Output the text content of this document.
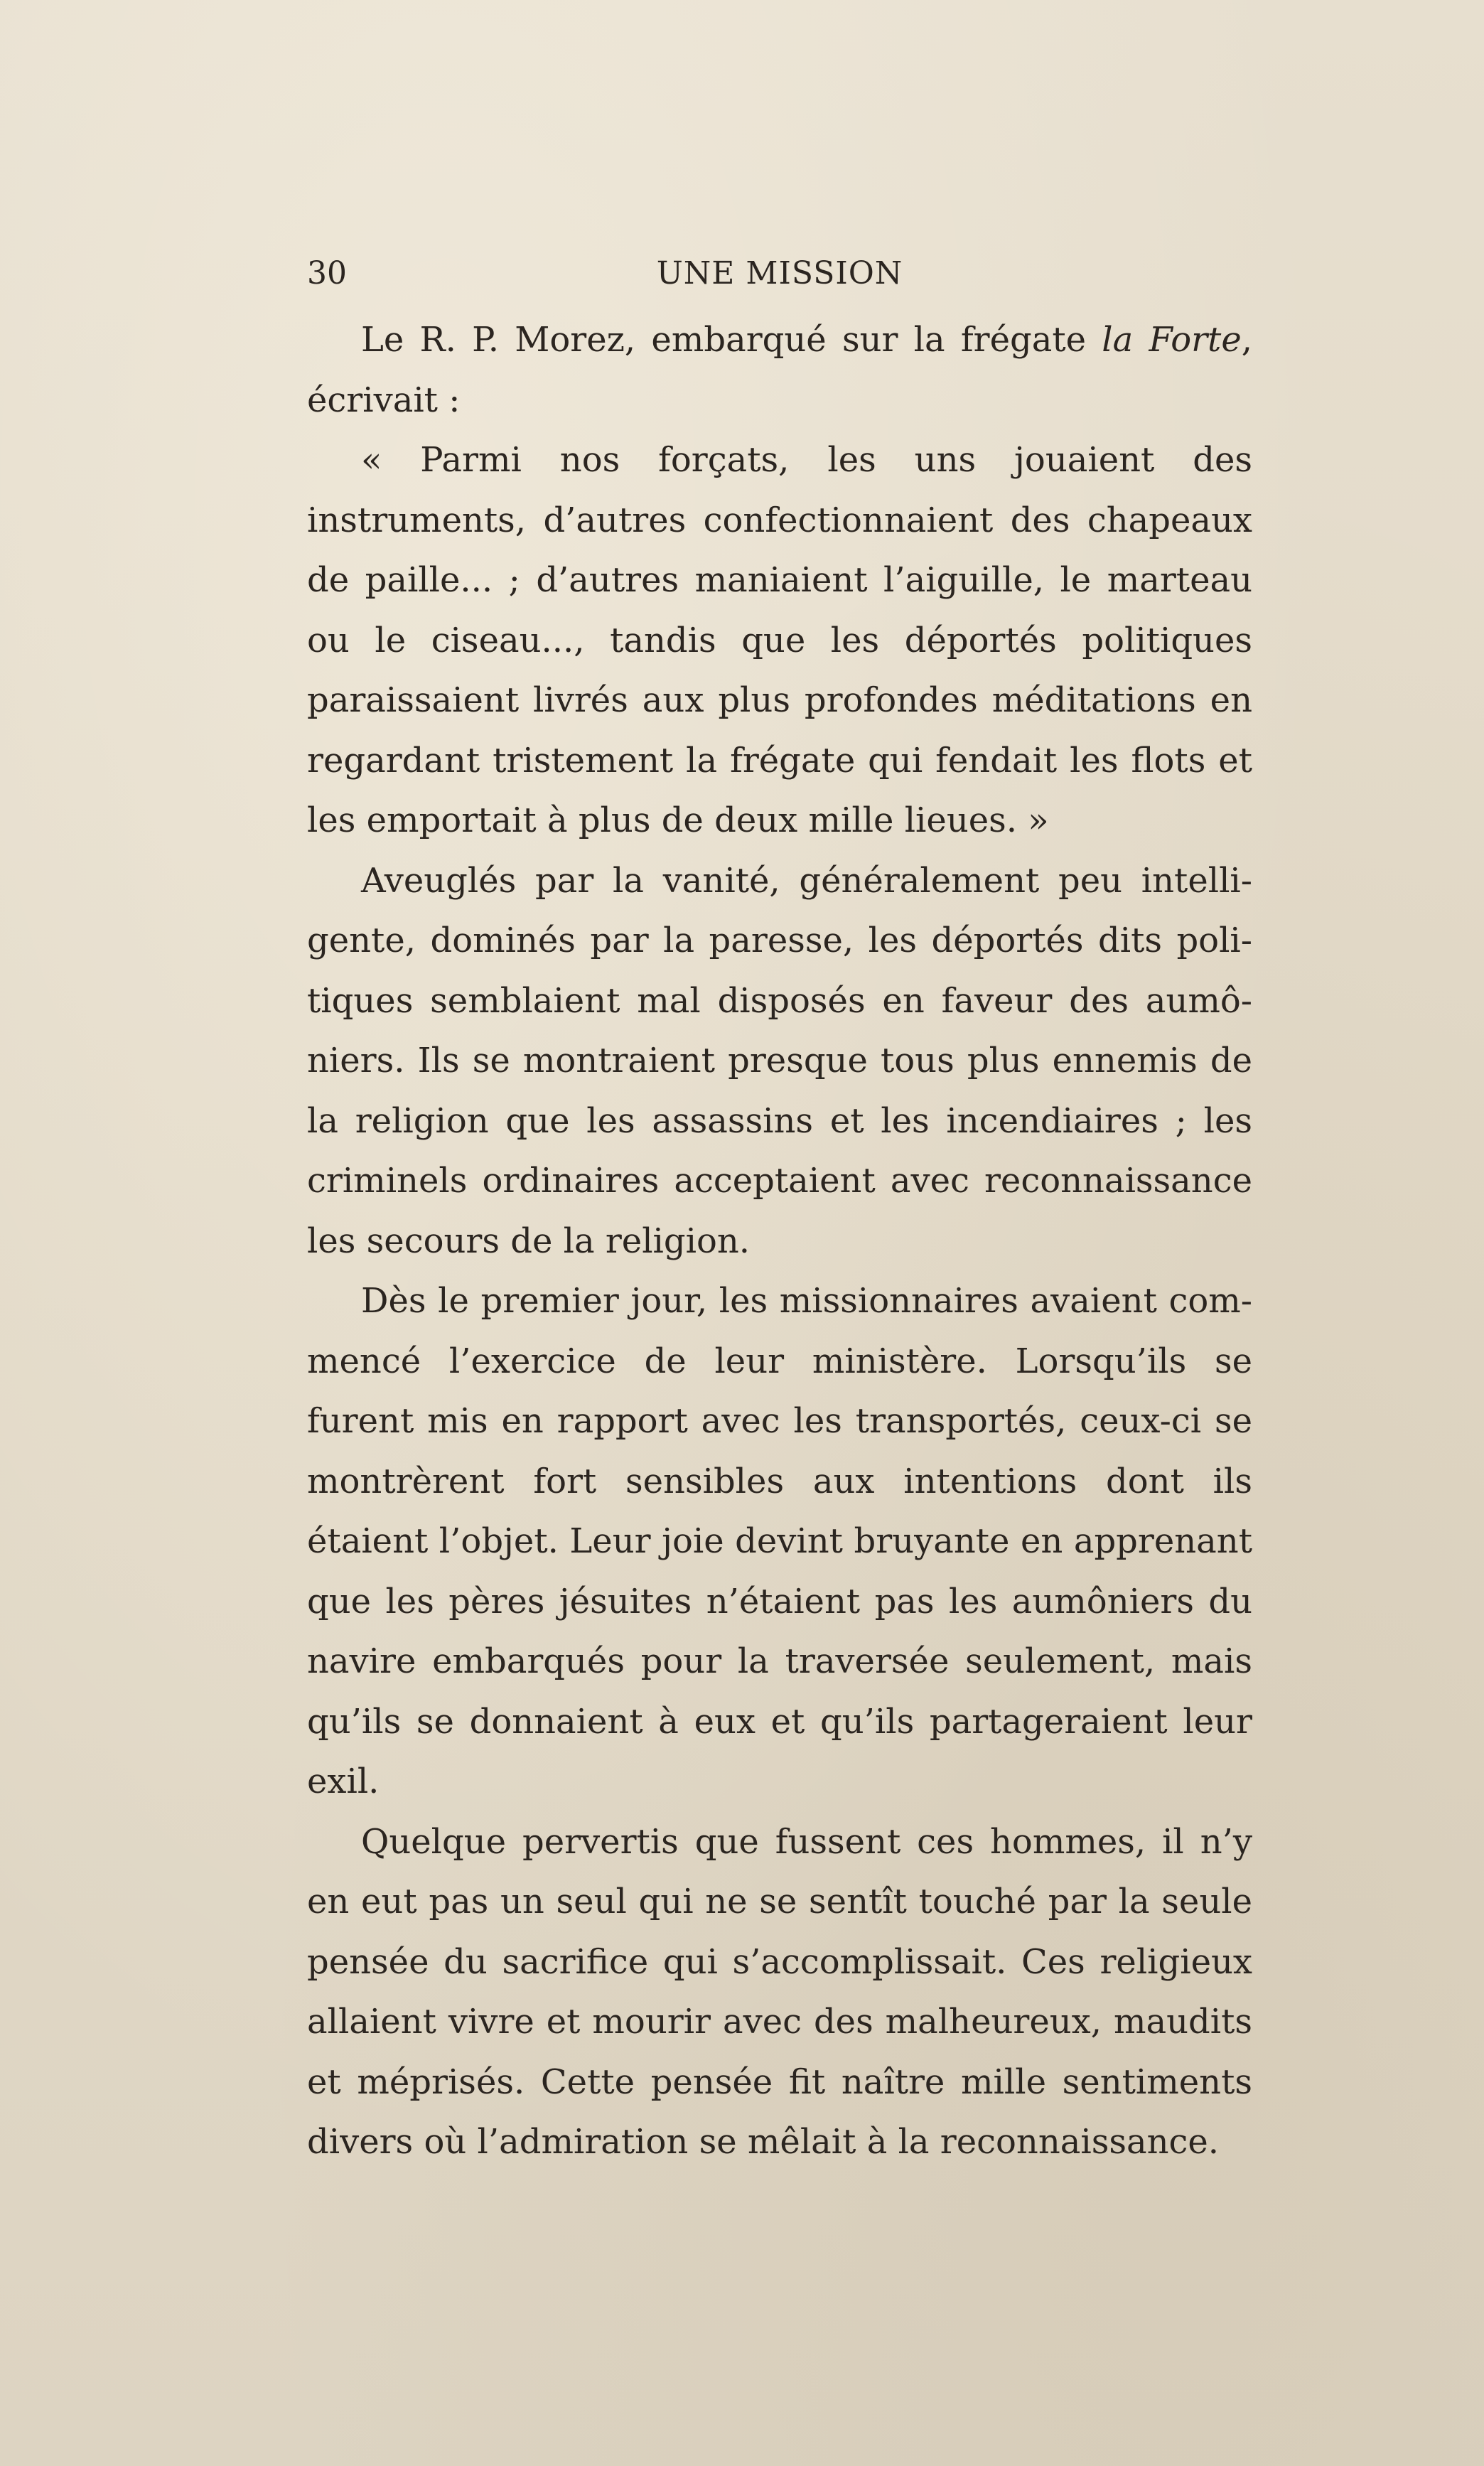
30	UNE MISSION

Le R. P. Morez, embarqué sur la frégate la Forte, écrivait :

« Parmi nos forçats, les uns jouaient des instruments, d’autres confectionnaient des chapeaux de paille... ; d’autres maniaient l’aiguille, le marteau ou le ciseau..., tandis que les déportés politiques paraissaient livrés aux plus profondes méditations en regardant tristement la frégate qui fendait les flots et les emportait à plus de deux mille lieues. »

Aveuglés par la vanité, généralement peu intelligente, dominés par la paresse, les déportés dits politiques semblaient mal disposés en faveur des aumôniers. Ils se montraient presque tous plus ennemis de la religion que les assassins et les incendiaires ; les criminels ordinaires acceptaient avec reconnaissance les secours de la religion.

Dès le premier jour, les missionnaires avaient commencé l’exercice de leur ministère. Lorsqu’ils se furent mis en rapport avec les transportés, ceux-ci se montrèrent fort sensibles aux intentions dont ils étaient l’objet. Leur joie devint bruyante en apprenant que les pères jésuites n’étaient pas les aumôniers du navire embarqués pour la traversée seulement, mais qu’ils se donnaient à eux et qu’ils partageraient leur exil.

Quelque pervertis que fussent ces hommes, il n’y en eut pas un seul qui ne se sentît touché par la seule pensée du sacrifice qui s’accomplissait. Ces religieux allaient vivre et mourir avec des malheureux, maudits et méprisés. Cette pensée fit naître mille sentiments divers où l’admiration se mêlait à la reconnaissance.
